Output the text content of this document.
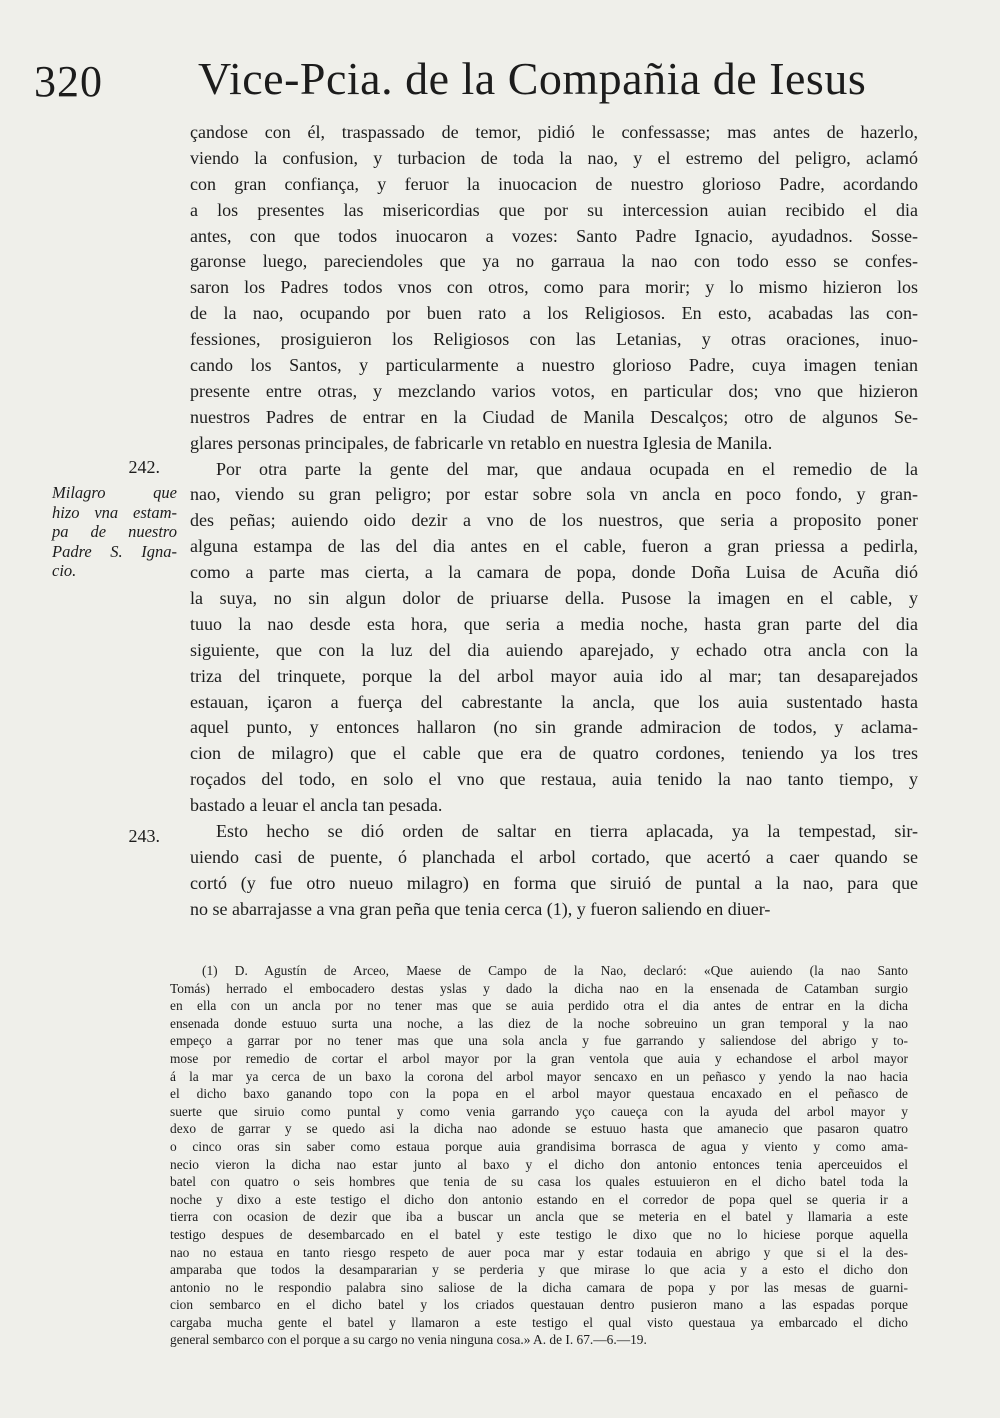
320 Vice-Pcia. de la Compañia de Iesus
çandose con él, traspassado de temor, pidió le confessasse; mas antes de hazerlo,
viendo la confusion, y turbacion de toda la nao, y el estremo del peligro, aclamó
con gran confiança, y feruor la inuocacion de nuestro glorioso Padre, acordando
a los presentes las misericordias que por su intercession auian recibido el dia
antes, con que todos inuocaron a vozes: Santo Padre Ignacio, ayudadnos. Sosse-
garonse luego, pareciendoles que ya no garraua la nao con todo esso se confes-
saron los Padres todos vnos con otros, como para morir; y lo mismo hizieron los
de la nao, ocupando por buen rato a los Religiosos. En esto, acabadas las con-
fessiones, prosiguieron los Religiosos con las Letanias, y otras oraciones, inuo-
cando los Santos, y particularmente a nuestro glorioso Padre, cuya imagen tenian
presente entre otras, y mezclando varios votos, en particular dos; vno que hizieron
nuestros Padres de entrar en la Ciudad de Manila Descalços; otro de algunos Se-
glares personas principales, de fabricarle vn retablo en nuestra Iglesia de Manila.
Por otra parte la gente del mar, que andaua ocupada en el remedio de la
nao, viendo su gran peligro; por estar sobre sola vn ancla en poco fondo, y gran-
des peñas; auiendo oido dezir a vno de los nuestros, que seria a proposito poner
alguna estampa de las del dia antes en el cable, fueron a gran priessa a pedirla,
como a parte mas cierta, a la camara de popa, donde Doña Luisa de Acuña dió
la suya, no sin algun dolor de priuarse della. Pusose la imagen en el cable, y
tuuo la nao desde esta hora, que seria a media noche, hasta gran parte del dia
siguiente, que con la luz del dia auiendo aparejado, y echado otra ancla con la
triza del trinquete, porque la del arbol mayor auia ido al mar; tan desaparejados
estauan, içaron a fuerça del cabrestante la ancla, que los auia sustentado hasta
aquel punto, y entonces hallaron (no sin grande admiracion de todos, y aclama-
cion de milagro) que el cable que era de quatro cordones, teniendo ya los tres
roçados del todo, en solo el vno que restaua, auia tenido la nao tanto tiempo, y
bastado a leuar el ancla tan pesada.
Esto hecho se dió orden de saltar en tierra aplacada, ya la tempestad, sir-
uiendo casi de puente, ó planchada el arbol cortado, que acertó a caer quando se
cortó (y fue otro nueuo milagro) en forma que siruió de puntal a la nao, para que
no se abarrajasse a vna gran peña que tenia cerca (1), y fueron saliendo en diuer-
242.
Milagro que
hizo vna estam-
pa de nuestro
Padre S. Igna-
cio.
243.
(1) D. Agustín de Arceo, Maese de Campo de la Nao, declaró: «Que auiendo (la nao Santo
Tomás) herrado el embocadero destas yslas y dado la dicha nao en la ensenada de Catamban surgio
en ella con un ancla por no tener mas que se auia perdido otra el dia antes de entrar en la dicha
ensenada donde estuuo surta una noche, a las diez de la noche sobreuino un gran temporal y la nao
empeço a garrar por no tener mas que una sola ancla y fue garrando y saliendose del abrigo y to-
mose por remedio de cortar el arbol mayor por la gran ventola que auia y echandose el arbol mayor
á la mar ya cerca de un baxo la corona del arbol mayor sencaxo en un peñasco y yendo la nao hacia
el dicho baxo ganando topo con la popa en el arbol mayor questaua encaxado en el peñasco de
suerte que siruio como puntal y como venia garrando yço caueça con la ayuda del arbol mayor y
dexo de garrar y se quedo asi la dicha nao adonde se estuuo hasta que amanecio que pasaron quatro
o cinco oras sin saber como estaua porque auia grandisima borrasca de agua y viento y como ama-
necio vieron la dicha nao estar junto al baxo y el dicho don antonio entonces tenia aperceuidos el
batel con quatro o seis hombres que tenia de su casa los quales estuuieron en el dicho batel toda la
noche y dixo a este testigo el dicho don antonio estando en el corredor de popa quel se queria ir a
tierra con ocasion de dezir que iba a buscar un ancla que se meteria en el batel y llamaria a este
testigo despues de desembarcado en el batel y este testigo le dixo que no lo hiciese porque aquella
nao no estaua en tanto riesgo respeto de auer poca mar y estar todauia en abrigo y que si el la des-
amparaba que todos la desampararian y se perderia y que mirase lo que acia y a esto el dicho don
antonio no le respondio palabra sino saliose de la dicha camara de popa y por las mesas de guarni-
cion sembarco en el dicho batel y los criados questauan dentro pusieron mano a las espadas porque
cargaba mucha gente el batel y llamaron a este testigo el qual visto questaua ya embarcado el dicho
general sembarco con el porque a su cargo no venia ninguna cosa.» A. de I. 67.—6.—19.
